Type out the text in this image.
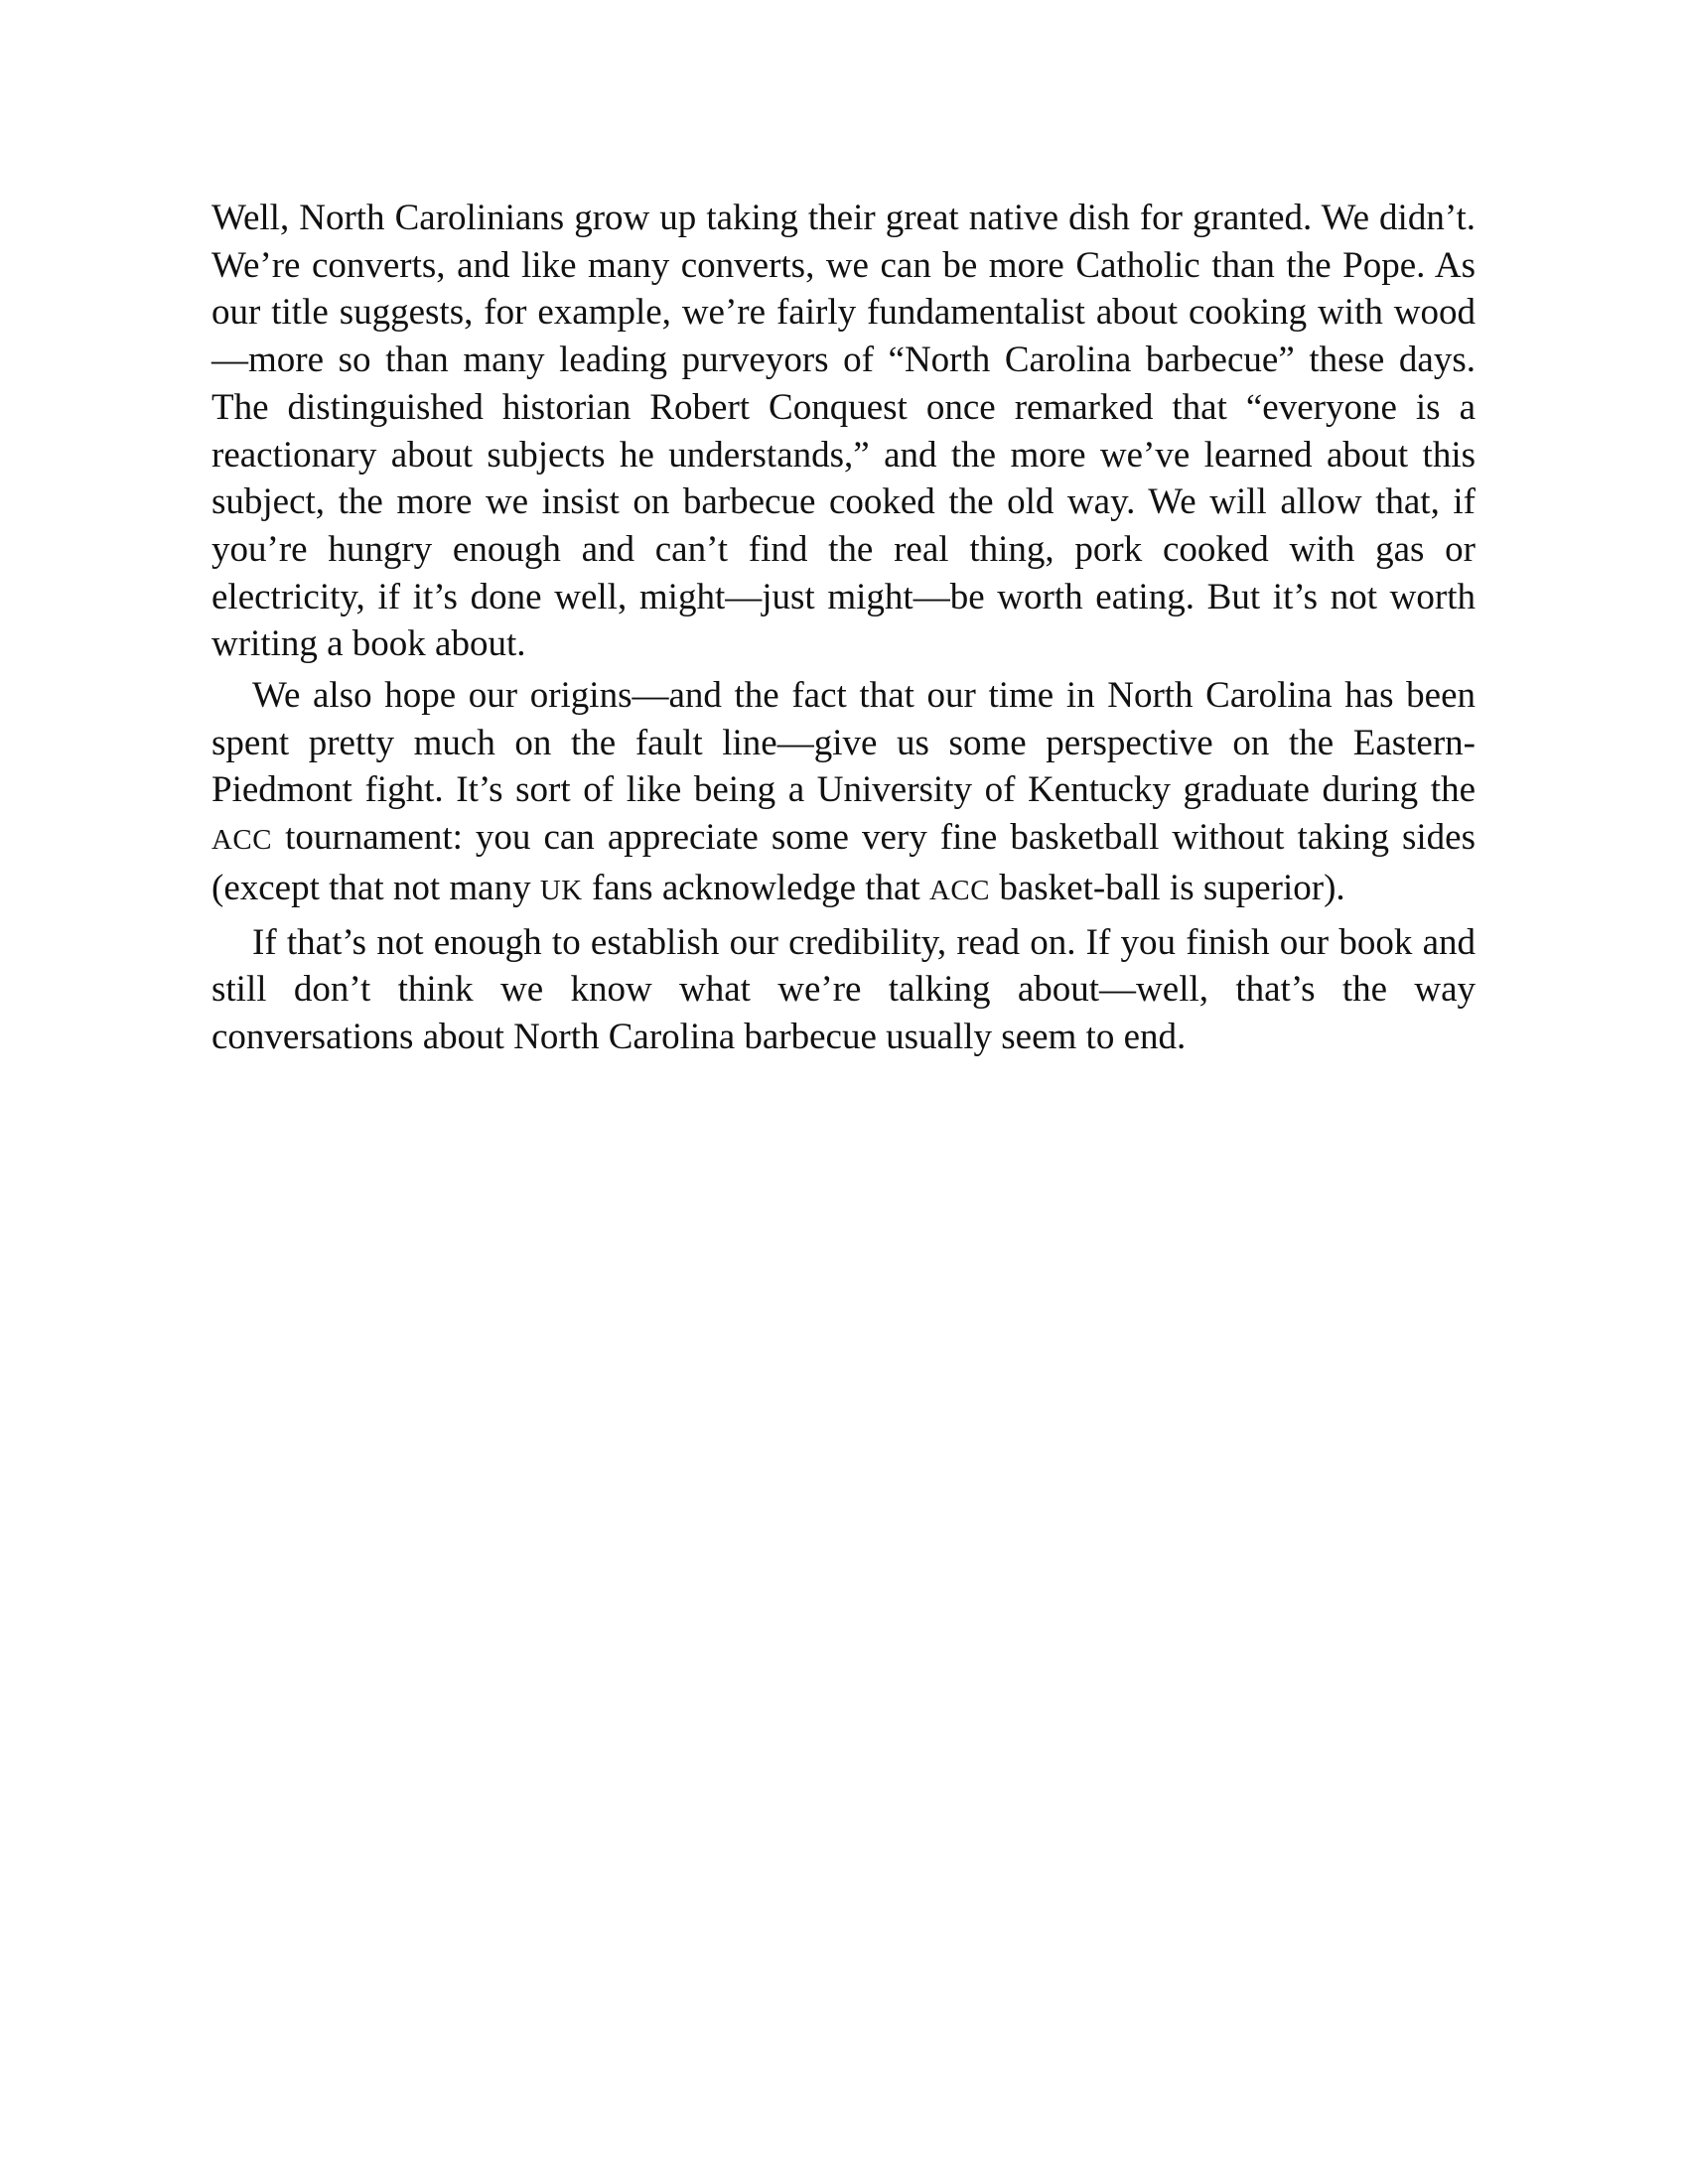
Well, North Carolinians grow up taking their great native dish for granted. We didn’t. We’re converts, and like many converts, we can be more Catholic than the Pope. As our title suggests, for example, we’re fairly fundamentalist about cooking with wood—more so than many leading purveyors of “North Carolina barbecue” these days. The distinguished historian Robert Conquest once remarked that “everyone is a reactionary about subjects he understands,” and the more we’ve learned about this subject, the more we insist on barbecue cooked the old way. We will allow that, if you’re hungry enough and can’t find the real thing, pork cooked with gas or electricity, if it’s done well, might—just might—be worth eating. But it’s not worth writing a book about.

We also hope our origins—and the fact that our time in North Carolina has been spent pretty much on the fault line—give us some perspective on the Eastern-Piedmont fight. It’s sort of like being a University of Kentucky graduate during the ACC tournament: you can appreciate some very fine basketball without taking sides (except that not many UK fans acknowledge that ACC basket-ball is superior).

If that’s not enough to establish our credibility, read on. If you finish our book and still don’t think we know what we’re talking about—well, that’s the way conversations about North Carolina barbecue usually seem to end.
